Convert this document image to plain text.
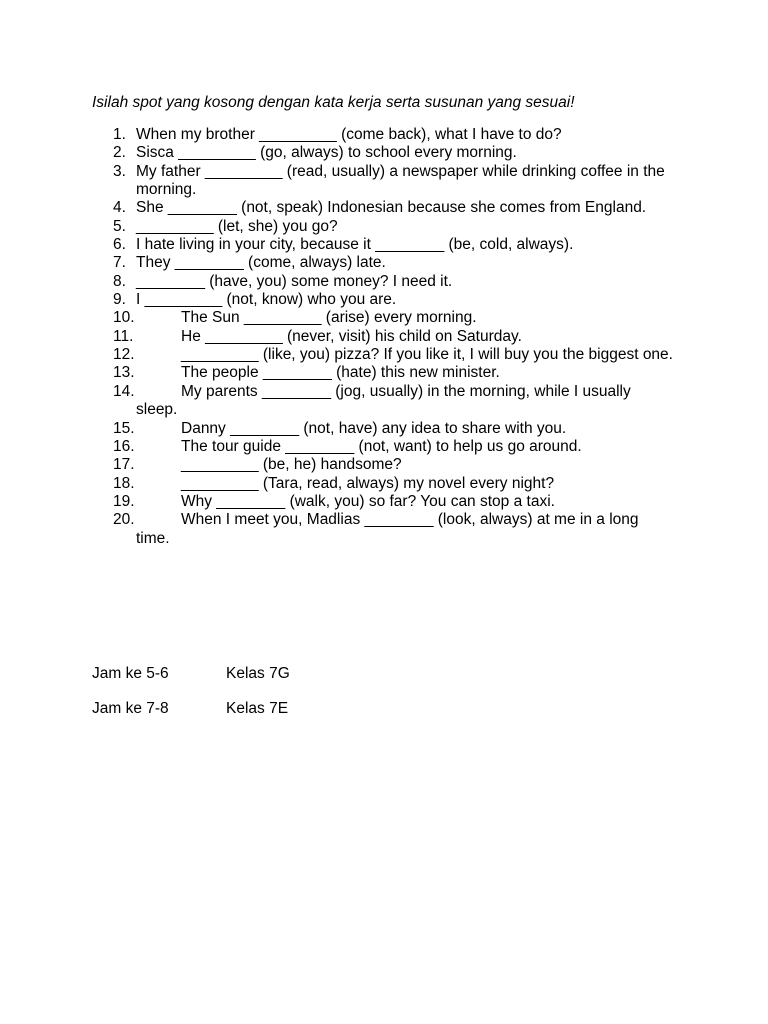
Isilah spot yang kosong dengan kata kerja serta susunan yang sesuai!
1. When my brother _________ (come back), what I have to do?
2. Sisca _________ (go, always) to school every morning.
3. My father _________ (read, usually) a newspaper while drinking coffee in the morning.
4. She ________ (not, speak) Indonesian because she comes from England.
5. _________ (let, she) you go?
6. I hate living in your city, because it ________ (be, cold, always).
7. They ________ (come, always) late.
8. ________ (have, you) some money? I need it.
9. I _________ (not, know) who you are.
10.	The Sun _________ (arise) every morning.
11.	He _________ (never, visit) his child on Saturday.
12.	_________ (like, you) pizza? If you like it, I will buy you the biggest one.
13.	The people ________ (hate) this new minister.
14.	My parents ________ (jog, usually) in the morning, while I usually sleep.
15.	Danny ________ (not, have) any idea to share with you.
16.	The tour guide ________ (not, want) to help us go around.
17.	_________ (be, he) handsome?
18.	_________ (Tara, read, always) my novel every night?
19.	Why ________ (walk, you) so far? You can stop a taxi.
20.	When I meet you, Madlias ________ (look, always) at me in a long time.
Jam ke 5-6	Kelas 7G
Jam ke 7-8	Kelas 7E
